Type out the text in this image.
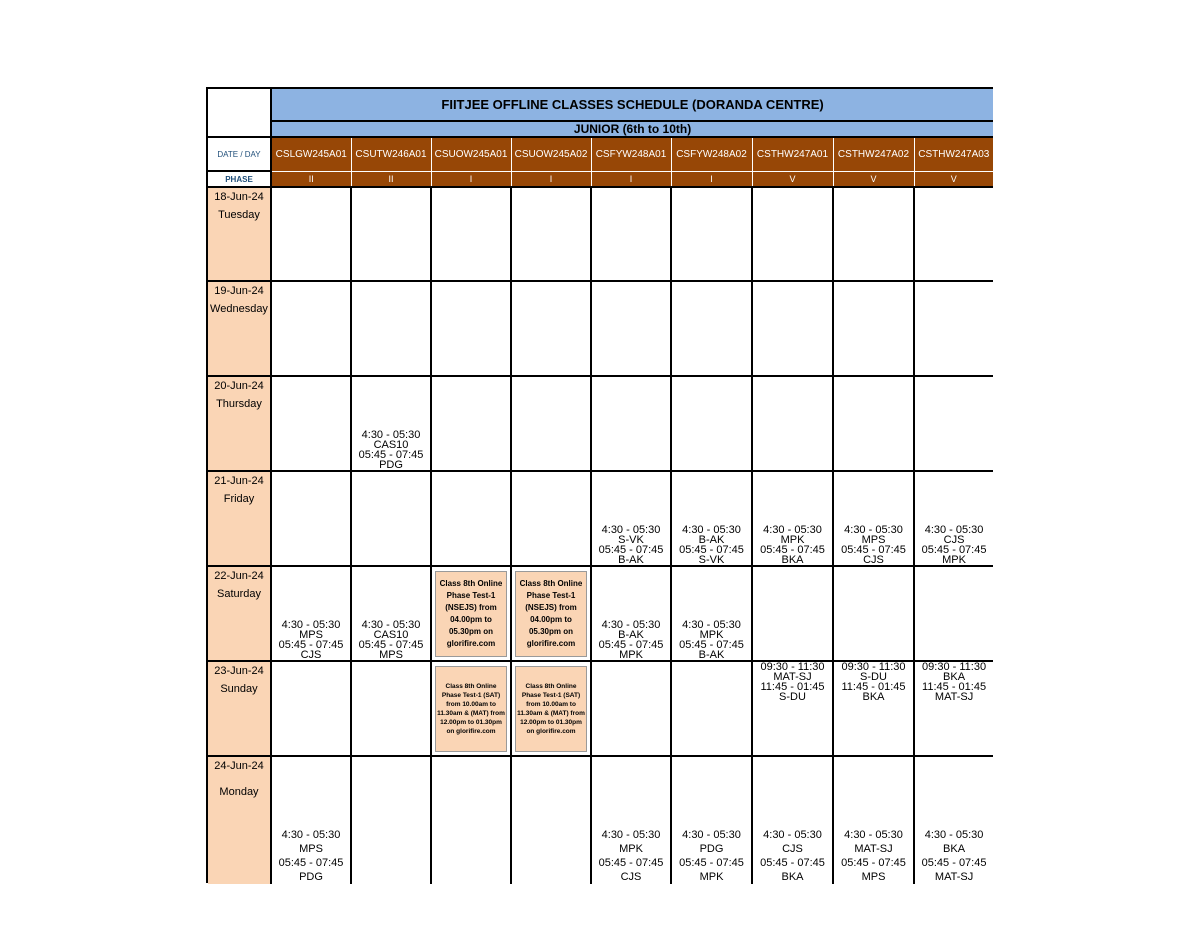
	FIITJEE OFFLINE CLASSES SCHEDULE (DORANDA CENTRE)								
	JUNIOR (6th to 10th)								
DATE / DAY	CSLGW245A01	CSUTW246A01	CSUOW245A01	CSUOW245A02	CSFYW248A01	CSFYW248A02	CSTHW247A01	CSTHW247A02	CSTHW247A03
PHASE	II	II	I	I	I	I	V	V	V

18-Jun-24
Tuesday									

19-Jun-24
Wednesday									

20-Jun-24
Thursday		4:30 - 05:30
CAS10
05:45 - 07:45
PDG							

21-Jun-24
Friday					4:30 - 05:30
S-VK
05:45 - 07:45
B-AK	4:30 - 05:30
B-AK
05:45 - 07:45
S-VK	4:30 - 05:30
MPK
05:45 - 07:45
BKA	4:30 - 05:30
MPS
05:45 - 07:45
CJS	4:30 - 05:30
CJS
05:45 - 07:45
MPK

22-Jun-24
Saturday	4:30 - 05:30
MPS
05:45 - 07:45
CJS	4:30 - 05:30
CAS10
05:45 - 07:45
MPS	Class 8th Online Phase Test-1 (NSEJS) from 04.00pm to 05.30pm on glorifire.com	Class 8th Online Phase Test-1 (NSEJS) from 04.00pm to 05.30pm on glorifire.com	4:30 - 05:30
B-AK
05:45 - 07:45
MPK	4:30 - 05:30
MPK
05:45 - 07:45
B-AK			

23-Jun-24
Sunday			Class 8th Online Phase Test-1 (SAT) from 10.00am to 11.30am & (MAT) from 12.00pm to 01.30pm on glorifire.com	Class 8th Online Phase Test-1 (SAT) from 10.00am to 11.30am & (MAT) from 12.00pm to 01.30pm on glorifire.com			09:30 - 11:30
MAT-SJ
11:45 - 01:45
S-DU	09:30 - 11:30
S-DU
11:45 - 01:45
BKA	09:30 - 11:30
BKA
11:45 - 01:45
MAT-SJ

24-Jun-24
Monday	4:30 - 05:30
MPS
05:45 - 07:45
PDG				4:30 - 05:30
MPK
05:45 - 07:45
CJS	4:30 - 05:30
PDG
05:45 - 07:45
MPK	4:30 - 05:30
CJS
05:45 - 07:45
BKA	4:30 - 05:30
MAT-SJ
05:45 - 07:45
MPS	4:30 - 05:30
BKA
05:45 - 07:45
MAT-SJ
